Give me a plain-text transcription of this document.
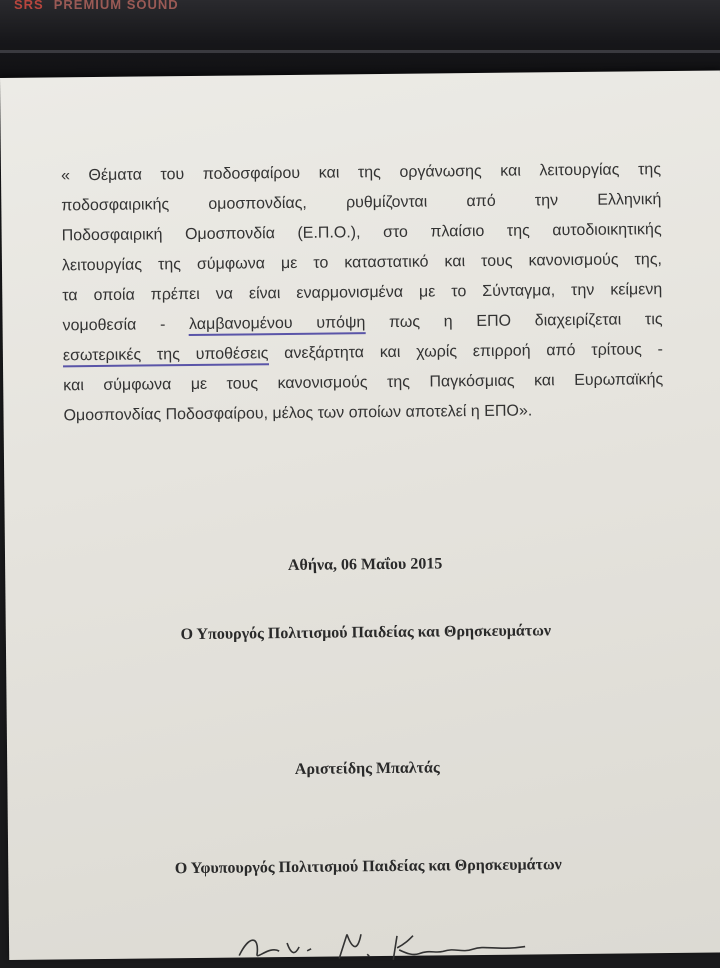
SRS PREMIUM SOUND
« Θέματα του ποδοσφαίρου και της οργάνωσης και λειτουργίας της
ποδοσφαιρικής ομοσπονδίας, ρυθμίζονται από την Ελληνική
Ποδοσφαιρική Ομοσπονδία (Ε.Π.Ο.), στο πλαίσιο της αυτοδιοικητικής
λειτουργίας της σύμφωνα με το καταστατικό και τους κανονισμούς της,
τα οποία πρέπει να είναι εναρμονισμένα με το Σύνταγμα, την κείμενη
νομοθεσία - λαμβανομένου υπόψη πως η ΕΠΟ διαχειρίζεται τις
εσωτερικές της υποθέσεις ανεξάρτητα και χωρίς επιρροή από τρίτους -
και σύμφωνα με τους κανονισμούς της Παγκόσμιας και Ευρωπαϊκής
Ομοσπονδίας Ποδοσφαίρου, μέλος των οποίων αποτελεί η ΕΠΟ».
Αθήνα, 06 Μαΐου 2015
Ο Υπουργός Πολιτισμού Παιδείας και Θρησκευμάτων
Αριστείδης Μπαλτάς
Ο Υφυπουργός Πολιτισμού Παιδείας και Θρησκευμάτων
